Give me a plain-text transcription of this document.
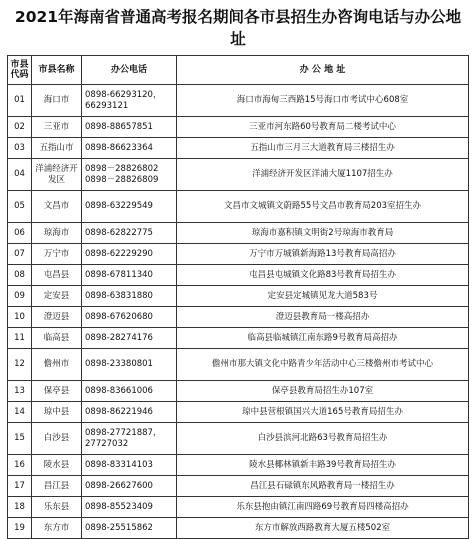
2021年海南省普通高考报名期间各市县招生办咨询电话与办公地址
市县代码	市县名称	办公电话	办 公 地 址
01	海口市	0898-66293120，66293121	海口市海甸三西路15号海口市考试中心608室
02	三亚市	0898-88657851	三亚市河东路60号教育局二楼考试中心
03	五指山市	0898-86623364	五指山市三月三大道教育局三楼招生办
04	洋浦经济开发区	0898－28826802 0898－28826809	洋浦经济开发区洋浦大厦1107招生办
05	文昌市	0898-63229549	文昌市文城镇文蔚路55号文昌市教育局203室招生办
06	琼海市	0898-62822775	琼海市嘉积镇文明街2号琼海市教育局
07	万宁市	0898-62229290	万宁市万城镇新海路13号教育局高招办
08	屯昌县	0898-67811340	屯昌县屯城镇文化路83号教育局招生办
09	定安县	0898-63831880	定安县定城镇见龙大道583号
10	澄迈县	0898-67620680	澄迈县教育局一楼高招办
11	临高县	0898-28274176	临高县临城镇江南东路9号教育局高招办
12	儋州市	0898-23380801	儋州市那大镇文化中路青少年活动中心三楼儋州市考试中心
13	保亭县	0898-83661006	保亭县教育局招生办107室
14	琼中县	0898-86221946	琼中县营根镇国兴大道165号教育局招生办
15	白沙县	0898-27721887，27727032	白沙县滨河北路63号教育局招生办
16	陵水县	0898-83314103	陵水县椰林镇新丰路39号教育局招生办
17	昌江县	0898-26627600	昌江县石碌镇东风路教育局一楼招生办
18	乐东县	0898-85523409	乐东县抱由镇江南四路69号教育局四楼高招办
19	东方市	0898-25515862	东方市解放西路教育大厦五楼502室
